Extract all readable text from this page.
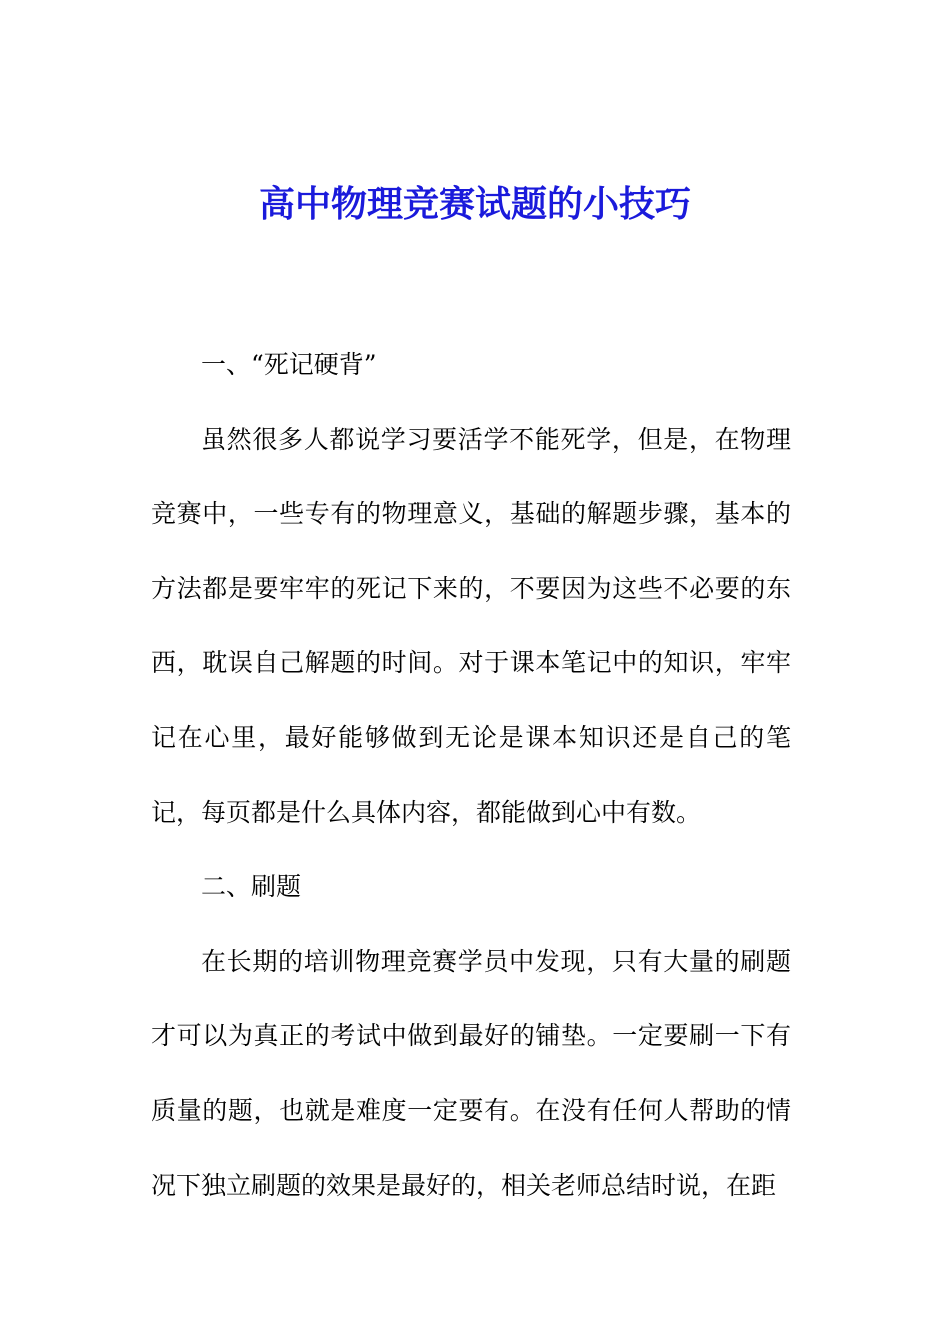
高中物理竞赛试题的小技巧

一、“死记硬背”

虽然很多人都说学习要活学不能死学，但是，在物理竞赛中，一些专有的物理意义，基础的解题步骤，基本的方法都是要牢牢的死记下来的，不要因为这些不必要的东西，耽误自己解题的时间。对于课本笔记中的知识，牢牢记在心里，最好能够做到无论是课本知识还是自己的笔记，每页都是什么具体内容，都能做到心中有数。

二、刷题

在长期的培训物理竞赛学员中发现，只有大量的刷题才可以为真正的考试中做到最好的铺垫。一定要刷一下有质量的题，也就是难度一定要有。在没有任何人帮助的情况下独立刷题的效果是最好的，相关老师总结时说，在距
